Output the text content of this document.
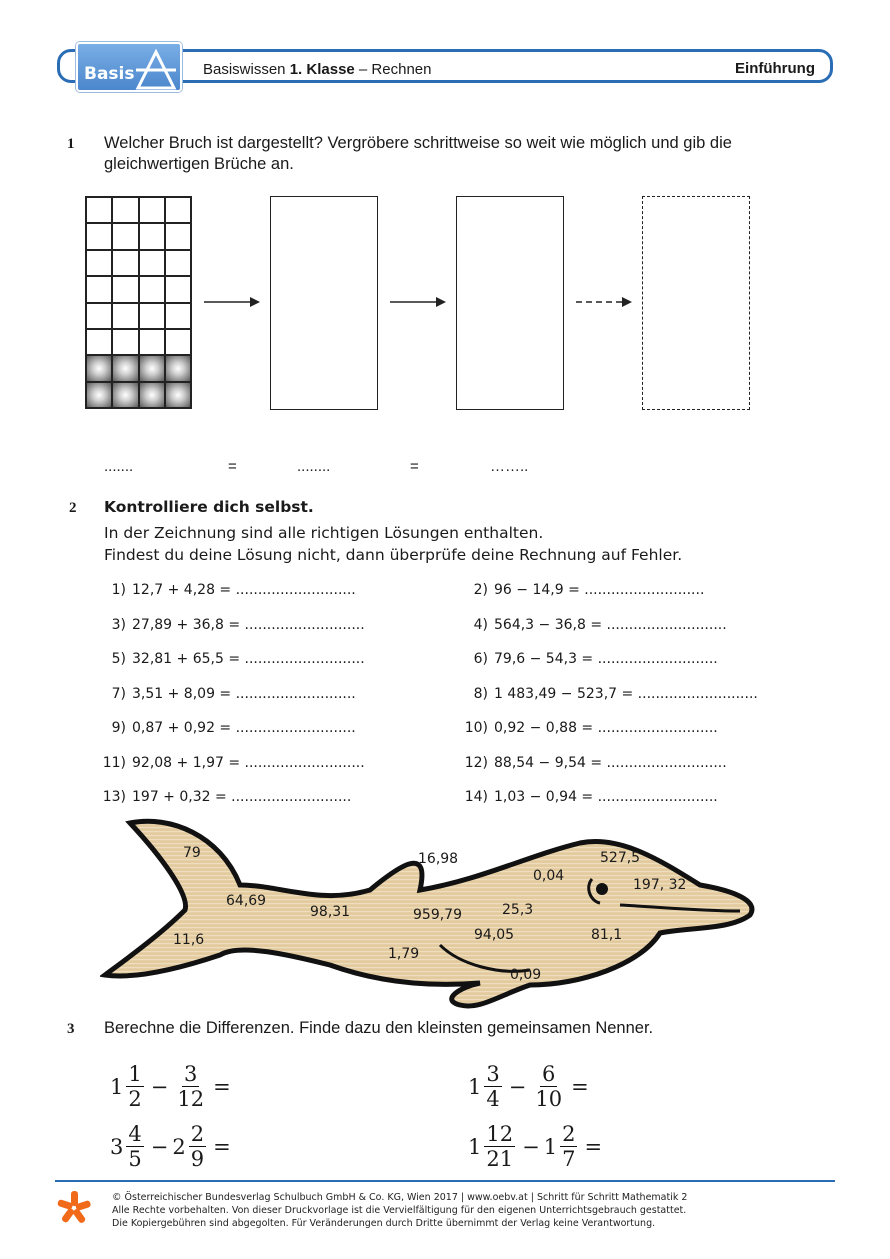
Basis	Basiswissen 1. Klasse – Rechnen	Einführung
1 Welcher Bruch ist dargestellt? Vergröbere schrittweise so weit wie möglich und gib die
gleichwertigen Brüche an.
.......	=	........	=	……..
2 Kontrolliere dich selbst.
In der Zeichnung sind alle richtigen Lösungen enthalten.
Findest du deine Lösung nicht, dann überprüfe deine Rechnung auf Fehler.
1) 12,7 + 4,28 = ...........................
3) 27,89 + 36,8 = ...........................
5) 32,81 + 65,5 = ...........................
7) 3,51 + 8,09 = ...........................
9) 0,87 + 0,92 = ...........................
11) 92,08 + 1,97 = ...........................
13) 197 + 0,32 = ...........................
2) 96 − 14,9 = ...........................
4) 564,3 − 36,8 = ...........................
6) 79,6 − 54,3 = ...........................
8) 1 483,49 − 523,7 = ...........................
10) 0,92 − 0,88 = ...........................
12) 88,54 − 9,54 = ...........................
14) 1,03 − 0,94 = ...........................
79	16,98	527,5
0,04
197, 32
64,69
98,31	959,79	25,3
11,6	94,05	81,1
1,79
0,09
3 Berechne die Differenzen. Finde dazu den kleinsten gemeinsamen Nenner.
$1 \frac{1}{2} - \frac{3}{12}$ =	$1 \frac{3}{4} - \frac{6}{10}$ =
$3 \frac{4}{5} - 2 \frac{2}{9}$ =	$1 \frac{12}{21} - 1 \frac{2}{7}$ =
© Österreichischer Bundesverlag Schulbuch GmbH & Co. KG, Wien 2017 | www.oebv.at | Schritt für Schritt Mathematik 2
Alle Rechte vorbehalten. Von dieser Druckvorlage ist die Vervielfältigung für den eigenen Unterrichtsgebrauch gestattet.
Die Kopiergebühren sind abgegolten. Für Veränderungen durch Dritte übernimmt der Verlag keine Verantwortung.
